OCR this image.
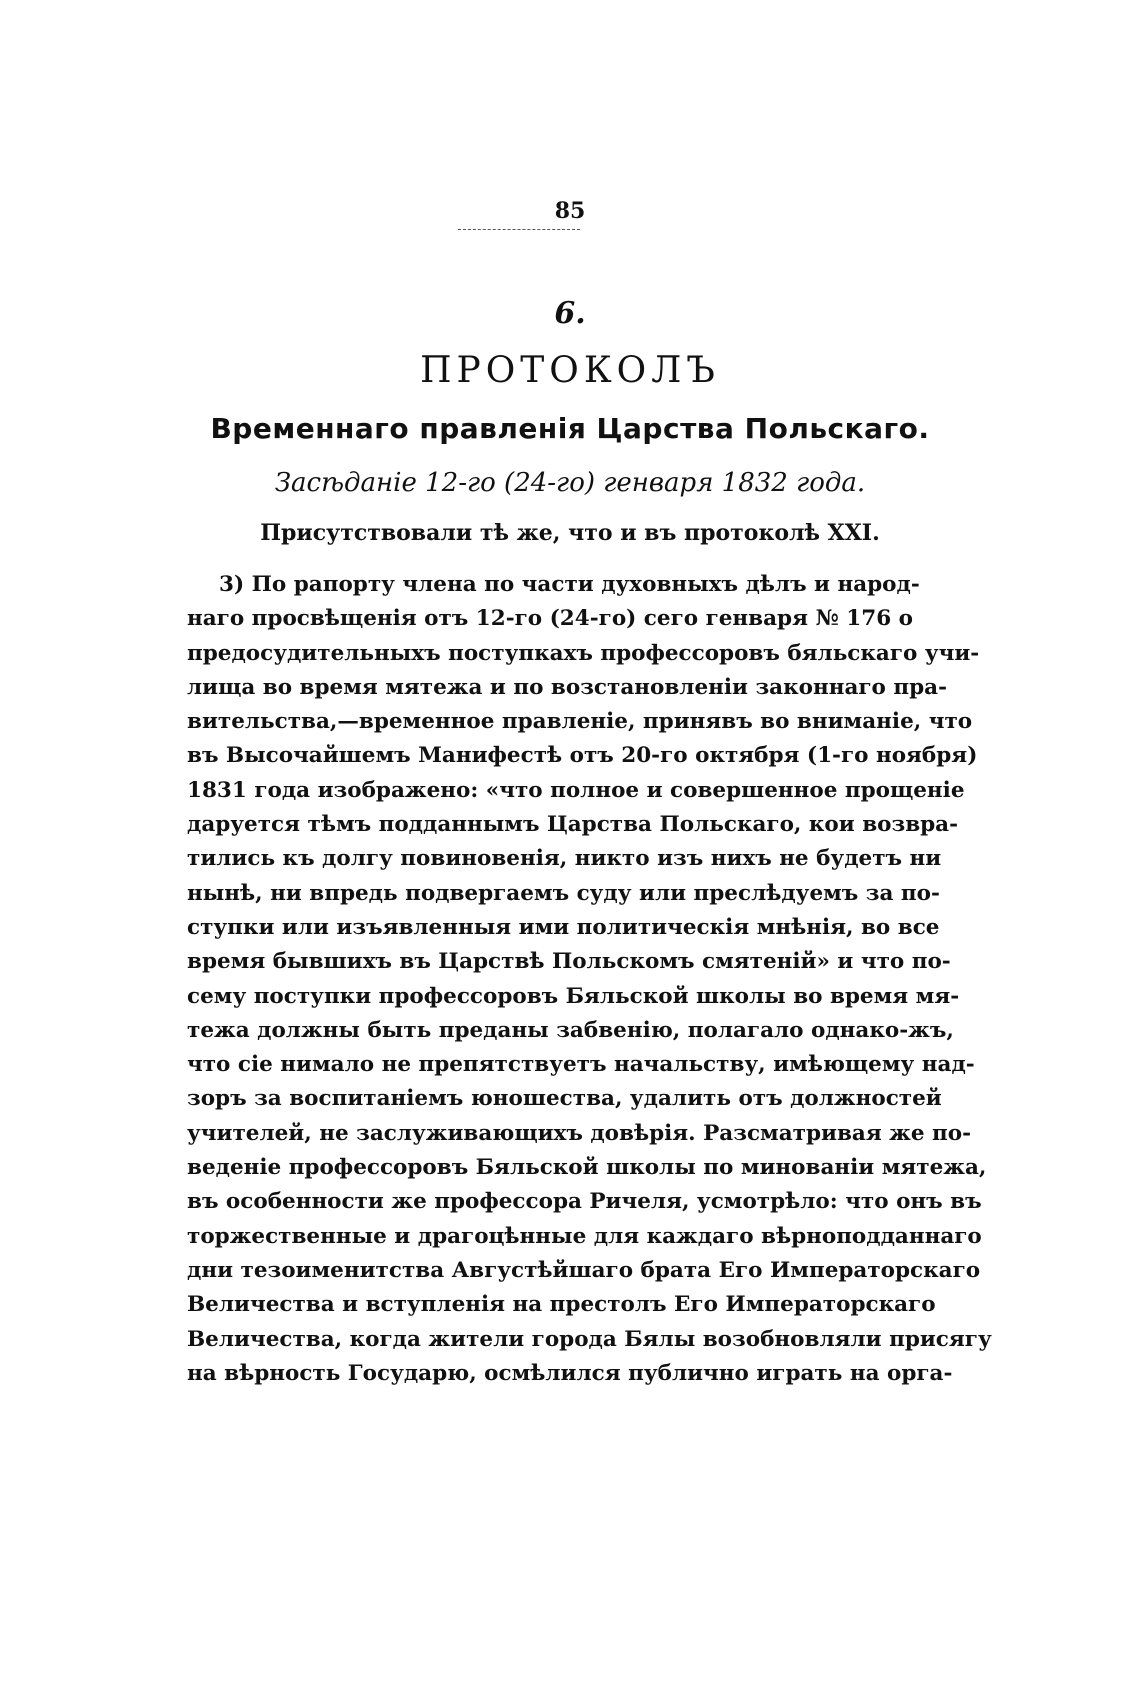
85
6.
ПРОТОКОЛЪ
Временнаго правленія Царства Польскаго.
Засѣданіе 12-го (24-го) генваря 1832 года.
Присутствовали тѣ же, что и въ протоколѣ XXI.
3) По рапорту члена по части духовныхъ дѣлъ и народ-
наго просвѣщенія отъ 12-го (24-го) сего генваря № 176 о
предосудительныхъ поступкахъ профессоровъ бяльскаго учи-
лища во время мятежа и по возстановленіи законнаго пра-
вительства,—временное правленіе, принявъ во вниманіе, что
въ Высочайшемъ Манифестѣ отъ 20-го октября (1-го ноября)
1831 года изображено: «что полное и совершенное прощеніе
даруется тѣмъ подданнымъ Царства Польскаго, кои возвра-
тились къ долгу повиновенія, никто изъ нихъ не будетъ ни
нынѣ, ни впредь подвергаемъ суду или преслѣдуемъ за по-
ступки или изъявленныя ими политическія мнѣнія, во все
время бывшихъ въ Царствѣ Польскомъ смятеній» и что по-
сему поступки профессоровъ Бяльской школы во время мя-
тежа должны быть преданы забвенію, полагало однако-жъ,
что сіе нимало не препятствуетъ начальству, имѣющему над-
зоръ за воспитаніемъ юношества, удалить отъ должностей
учителей, не заслуживающихъ довѣрія. Разсматривая же по-
веденіе профессоровъ Бяльской школы по минованіи мятежа,
въ особенности же профессора Ричеля, усмотрѣло: что онъ въ
торжественные и драгоцѣнные для каждаго вѣрноподданнаго
дни тезоименитства Августѣйшаго брата Его Императорскаго
Величества и вступленія на престолъ Его Императорскаго
Величества, когда жители города Бялы возобновляли присягу
на вѣрность Государю, осмѣлился публично играть на орга-
